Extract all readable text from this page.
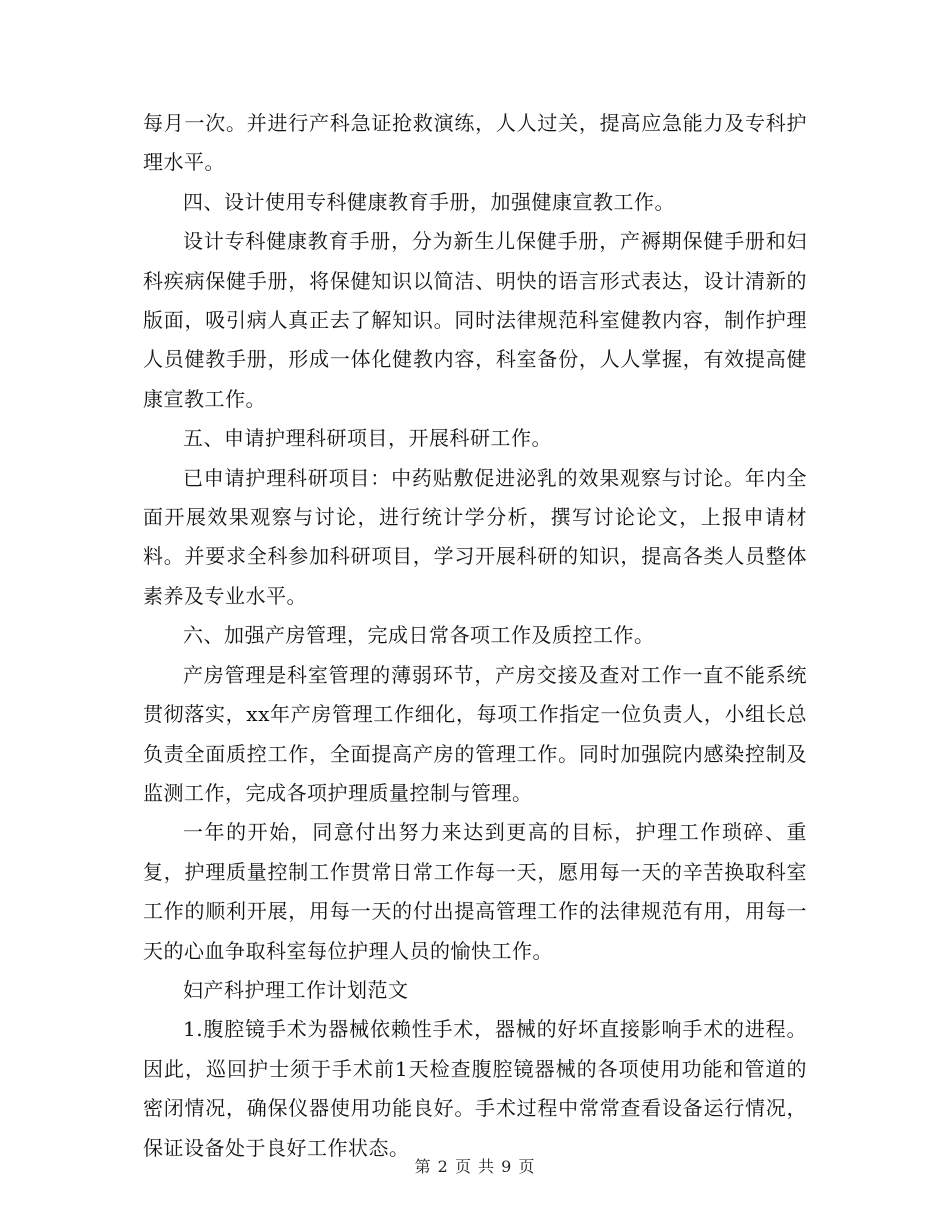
每月一次。并进行产科急证抢救演练，人人过关，提高应急能力及专科护理水平。

四、设计使用专科健康教育手册，加强健康宣教工作。

设计专科健康教育手册，分为新生儿保健手册，产褥期保健手册和妇科疾病保健手册，将保健知识以简洁、明快的语言形式表达，设计清新的版面，吸引病人真正去了解知识。同时法律规范科室健教内容，制作护理人员健教手册，形成一体化健教内容，科室备份，人人掌握，有效提高健康宣教工作。

五、申请护理科研项目，开展科研工作。

已申请护理科研项目：中药贴敷促进泌乳的效果观察与讨论。年内全面开展效果观察与讨论，进行统计学分析，撰写讨论论文，上报申请材料。并要求全科参加科研项目，学习开展科研的知识，提高各类人员整体素养及专业水平。

六、加强产房管理，完成日常各项工作及质控工作。

产房管理是科室管理的薄弱环节，产房交接及查对工作一直不能系统贯彻落实，xx年产房管理工作细化，每项工作指定一位负责人，小组长总负责全面质控工作，全面提高产房的管理工作。同时加强院内感染控制及监测工作，完成各项护理质量控制与管理。

一年的开始，同意付出努力来达到更高的目标，护理工作琐碎、重复，护理质量控制工作贯常日常工作每一天，愿用每一天的辛苦换取科室工作的顺利开展，用每一天的付出提高管理工作的法律规范有用，用每一天的心血争取科室每位护理人员的愉快工作。

妇产科护理工作计划范文

1.腹腔镜手术为器械依赖性手术，器械的好坏直接影响手术的进程。因此，巡回护士须于手术前1天检查腹腔镜器械的各项使用功能和管道的密闭情况，确保仪器使用功能良好。手术过程中常常查看设备运行情况，保证设备处于良好工作状态。

第 2 页 共 9 页
